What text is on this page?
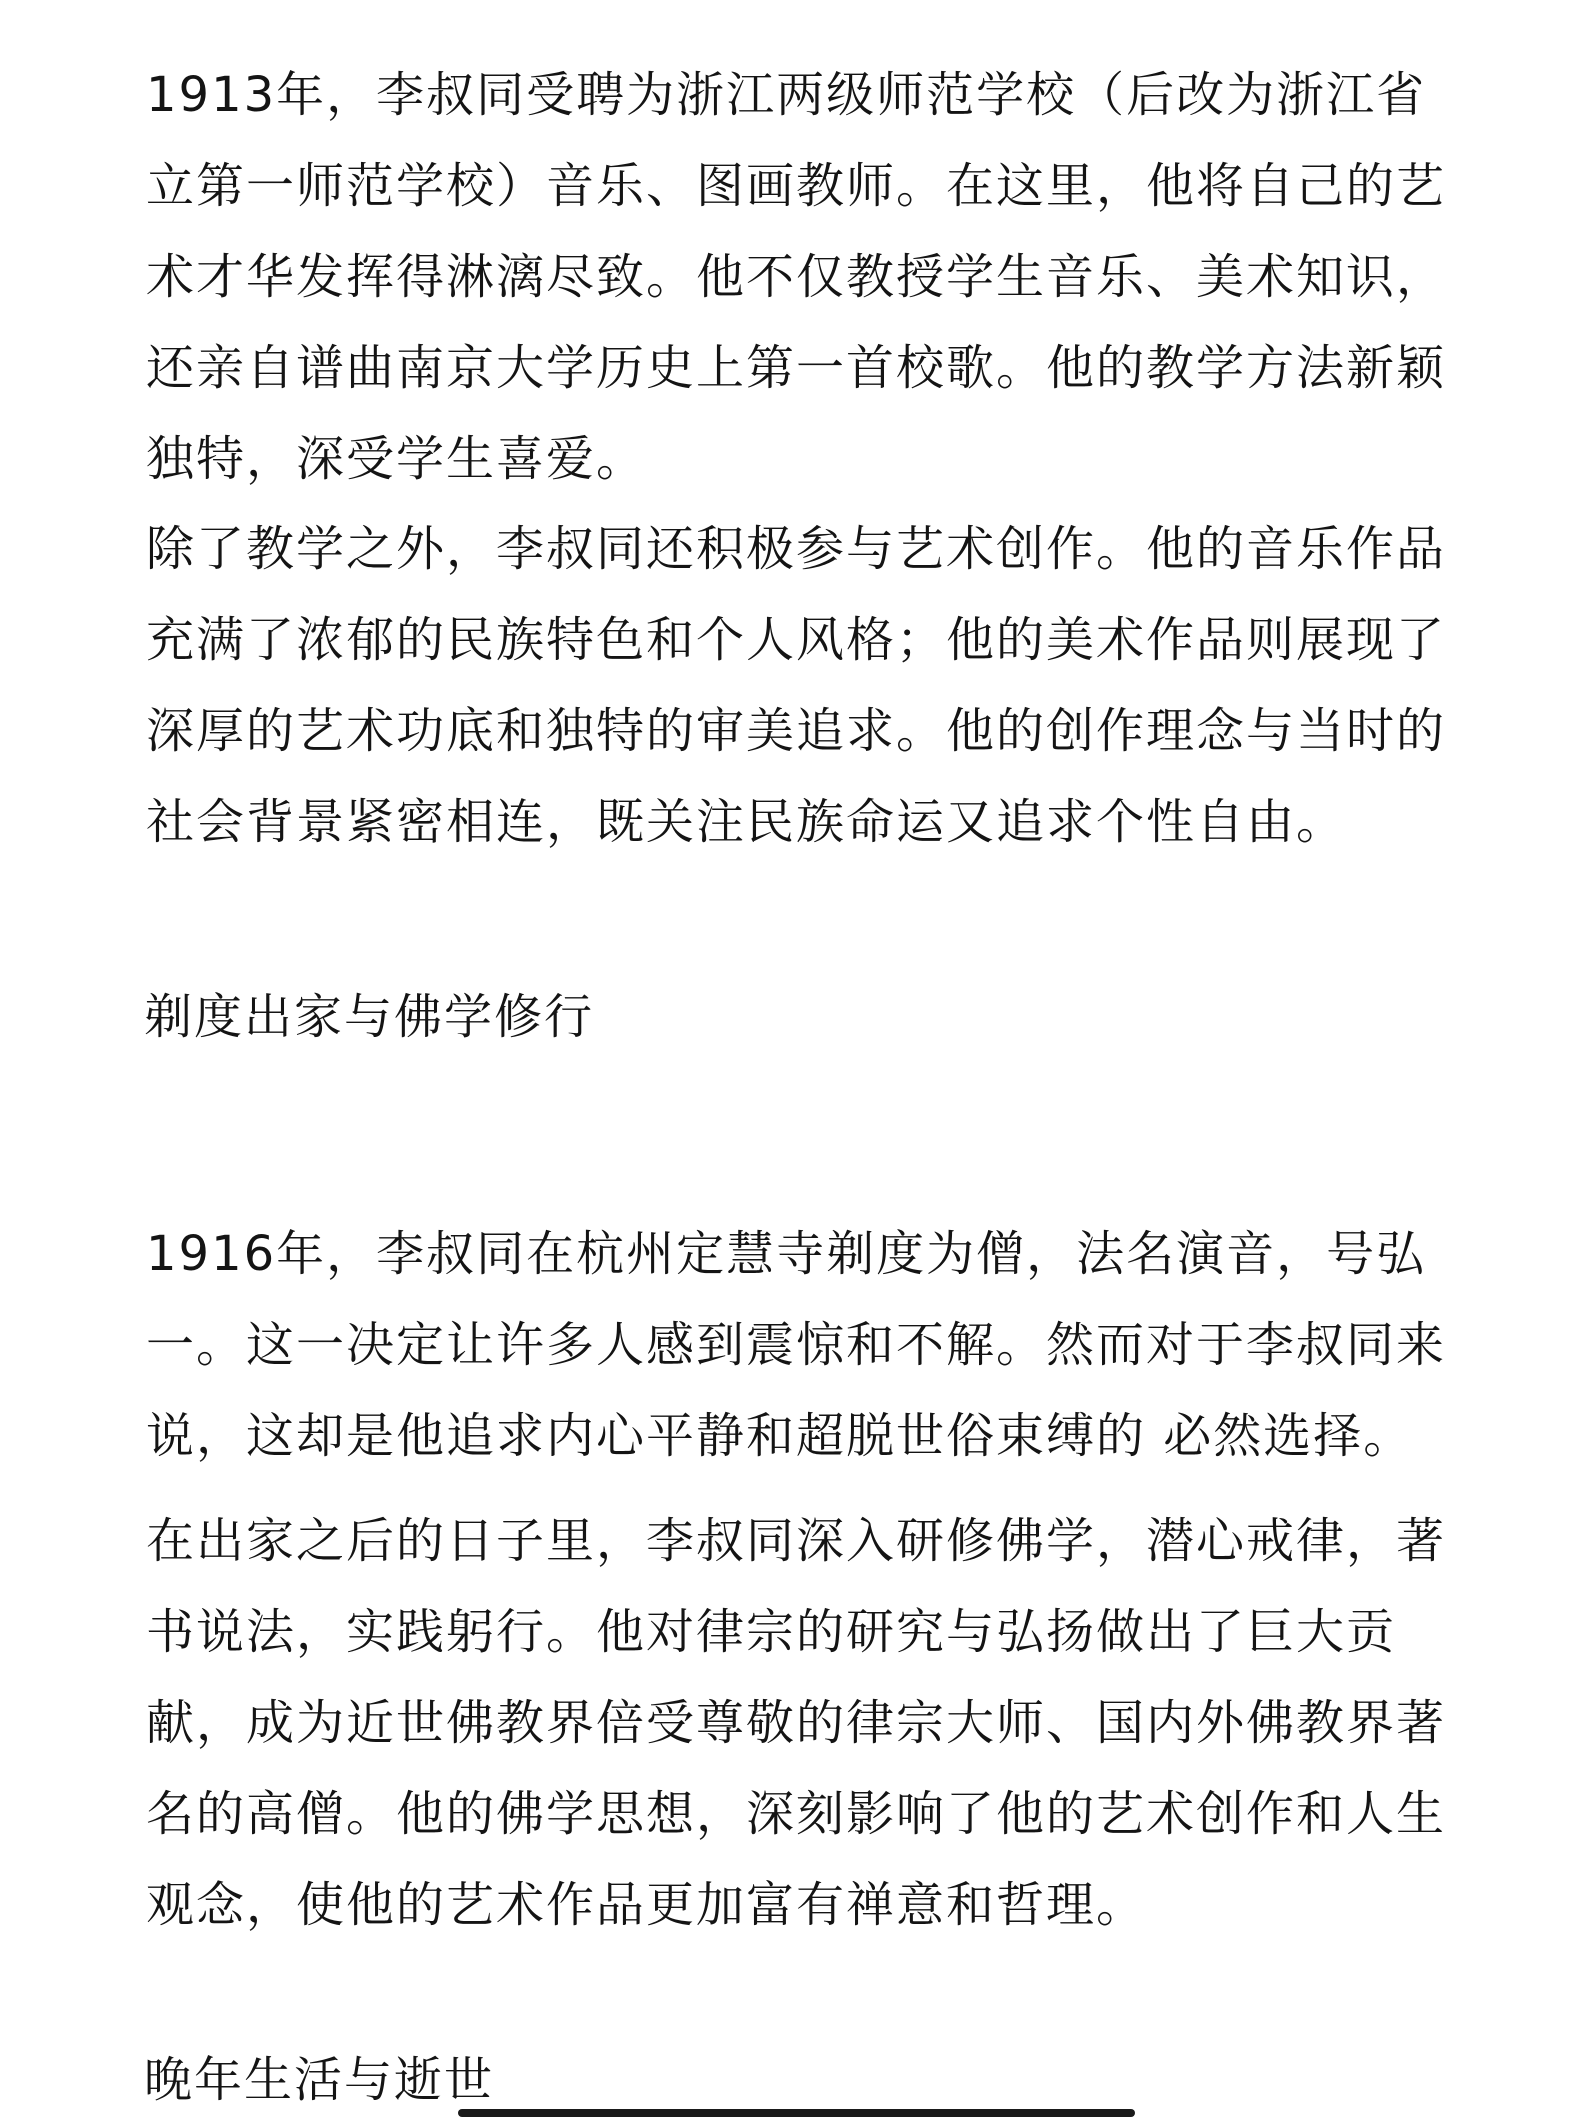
1913年，李叔同受聘为浙江两级师范学校（后改为浙江省立第一师范学校）音乐、图画教师。在这里，他将自己的艺术才华发挥得淋漓尽致。他不仅教授学生音乐、美术知识，还亲自谱曲南京大学历史上第一首校歌。他的教学方法新颖独特，深受学生喜爱。

除了教学之外，李叔同还积极参与艺术创作。他的音乐作品充满了浓郁的民族特色和个人风格；他的美术作品则展现了深厚的艺术功底和独特的审美追求。他的创作理念与当时的社会背景紧密相连，既关注民族命运又追求个性自由。

剃度出家与佛学修行

1916年，李叔同在杭州定慧寺剃度为僧，法名演音，号弘一。这一决定让许多人感到震惊和不解。然而对于李叔同来说，这却是他追求内心平静和超脱世俗束缚的 必然选择。

在出家之后的日子里，李叔同深入研修佛学，潜心戒律，著书说法，实践躬行。他对律宗的研究与弘扬做出了巨大贡献，成为近世佛教界倍受尊敬的律宗大师、国内外佛教界著名的高僧。他的佛学思想，深刻影响了他的艺术创作和人生观念，使他的艺术作品更加富有禅意和哲理。

晚年生活与逝世
